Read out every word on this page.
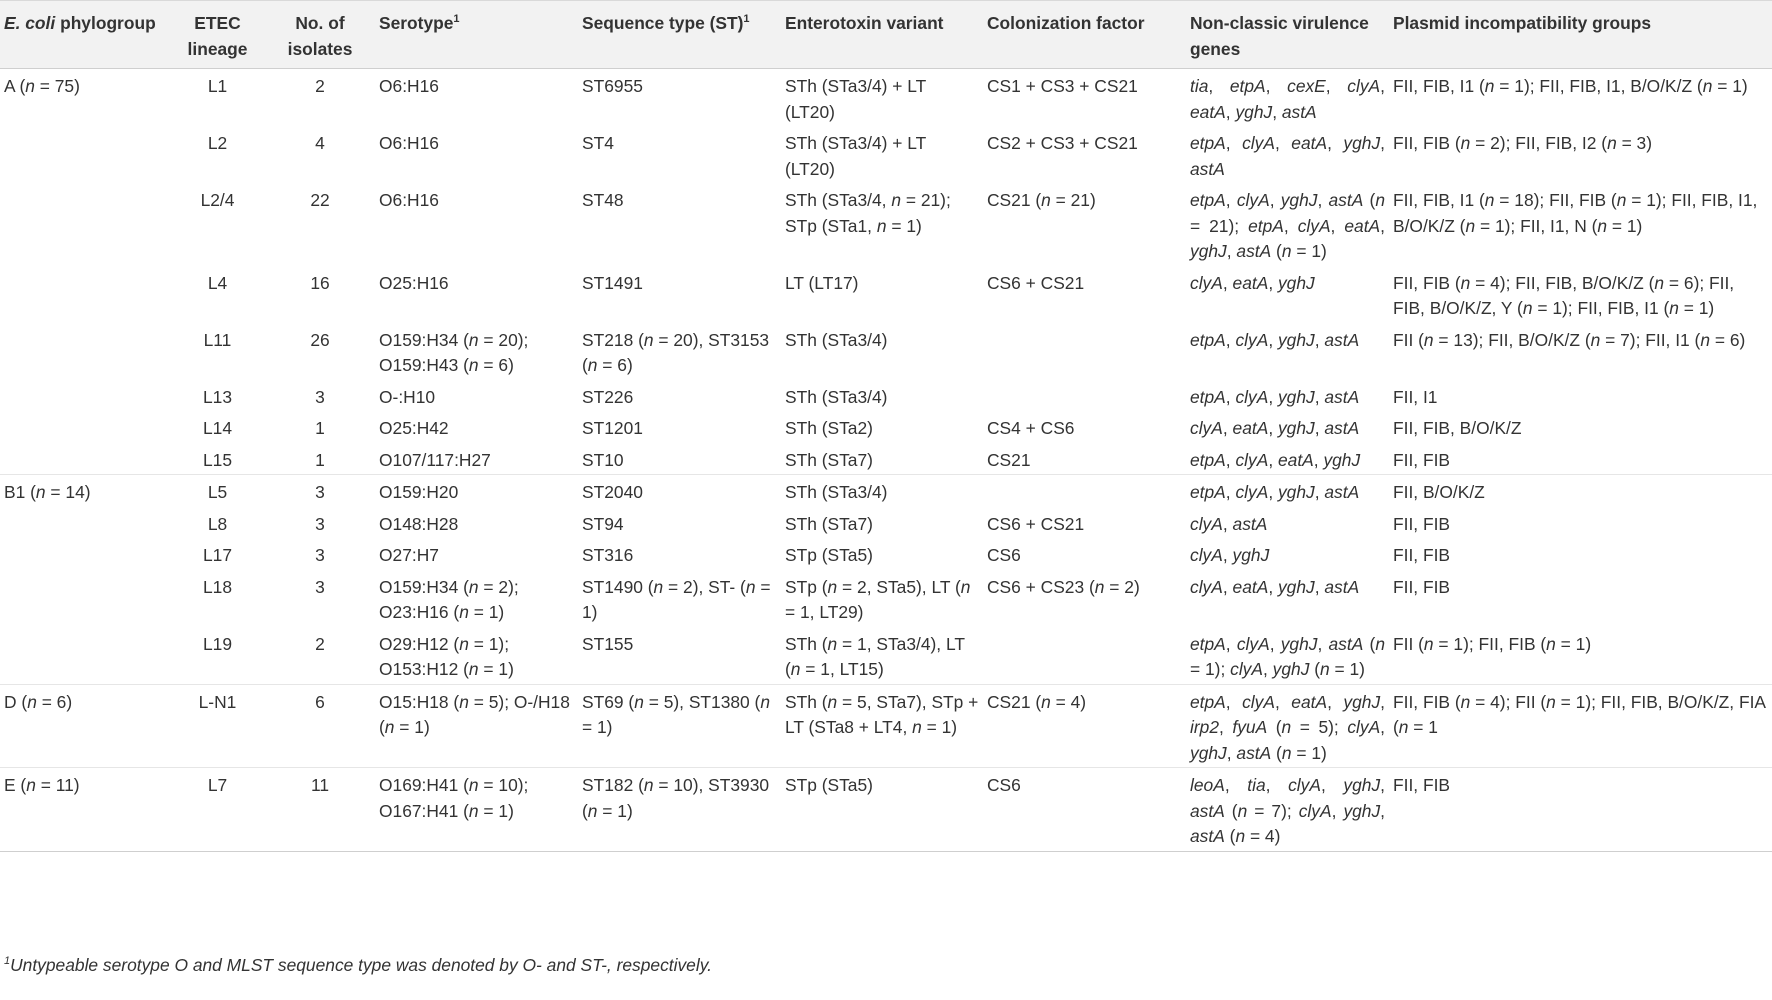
E. coli phylogroup	ETEC lineage	No. of isolates	Serotype$^1$	Sequence type (ST)$^1$	Enterotoxin variant	Colonization factor	Non-classic virulence genes	Plasmid incompatibility groups
A (n = 75)	L1	2	O6:H16	ST6955	STh (STa3/4) + LT (LT20)	CS1 + CS3 + CS21	tia, etpA, cexE, clyA, eatA, yghJ, astA	FII, FIB, I1 (n = 1); FII, FIB, I1, B/O/K/Z (n = 1)
	L2	4	O6:H16	ST4	STh (STa3/4) + LT (LT20)	CS2 + CS3 + CS21	etpA, clyA, eatA, yghJ, astA	FII, FIB (n = 2); FII, FIB, I2 (n = 3)
	L2/4	22	O6:H16	ST48	STh (STa3/4, n = 21); STp (STa1, n = 1)	CS21 (n = 21)	etpA, clyA, yghJ, astA (n = 21); etpA, clyA, eatA, yghJ, astA (n = 1)	FII, FIB, I1 (n = 18); FII, FIB (n = 1); FII, FIB, I1, B/O/K/Z (n = 1); FII, I1, N (n = 1)
	L4	16	O25:H16	ST1491	LT (LT17)	CS6 + CS21	clyA, eatA, yghJ	FII, FIB (n = 4); FII, FIB, B/O/K/Z (n = 6); FII, FIB, B/O/K/Z, Y (n = 1); FII, FIB, I1 (n = 1)
	L11	26	O159:H34 (n = 20); O159:H43 (n = 6)	ST218 (n = 20), ST3153 (n = 6)	STh (STa3/4)		etpA, clyA, yghJ, astA	FII (n = 13); FII, B/O/K/Z (n = 7); FII, I1 (n = 6)
	L13	3	O-:H10	ST226	STh (STa3/4)		etpA, clyA, yghJ, astA	FII, I1
	L14	1	O25:H42	ST1201	STh (STa2)	CS4 + CS6	clyA, eatA, yghJ, astA	FII, FIB, B/O/K/Z
	L15	1	O107/117:H27	ST10	STh (STa7)	CS21	etpA, clyA, eatA, yghJ	FII, FIB
B1 (n = 14)	L5	3	O159:H20	ST2040	STh (STa3/4)		etpA, clyA, yghJ, astA	FII, B/O/K/Z
	L8	3	O148:H28	ST94	STh (STa7)	CS6 + CS21	clyA, astA	FII, FIB
	L17	3	O27:H7	ST316	STp (STa5)	CS6	clyA, yghJ	FII, FIB
	L18	3	O159:H34 (n = 2); O23:H16 (n = 1)	ST1490 (n = 2), ST- (n = 1)	STp (n = 2, STa5), LT (n = 1, LT29)	CS6 + CS23 (n = 2)	clyA, eatA, yghJ, astA	FII, FIB
	L19	2	O29:H12 (n = 1); O153:H12 (n = 1)	ST155	STh (n = 1, STa3/4), LT (n = 1, LT15)		etpA, clyA, yghJ, astA (n = 1); clyA, yghJ (n = 1)	FII (n = 1); FII, FIB (n = 1)
D (n = 6)	L-N1	6	O15:H18 (n = 5); O-/H18 (n = 1)	ST69 (n = 5), ST1380 (n = 1)	STh (n = 5, STa7), STp + LT (STa8 + LT4, n = 1)	CS21 (n = 4)	etpA, clyA, eatA, yghJ, irp2, fyuA (n = 5); clyA, yghJ, astA (n = 1)	FII, FIB (n = 4); FII (n = 1); FII, FIB, B/O/K/Z, FIA (n = 1
E (n = 11)	L7	11	O169:H41 (n = 10); O167:H41 (n = 1)	ST182 (n = 10), ST3930 (n = 1)	STp (STa5)	CS6	leoA, tia, clyA, yghJ, astA (n = 7); clyA, yghJ, astA (n = 4)	FII, FIB
$^1$Untypeable serotype O and MLST sequence type was denoted by O- and ST-, respectively.
